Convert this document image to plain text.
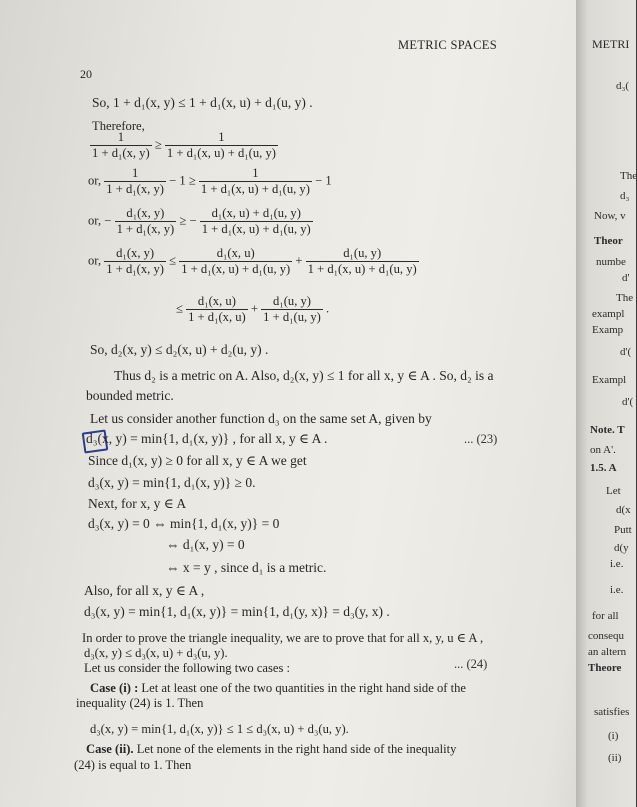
METRIC SPACES
20
So, 1 + d₁(x, y) ≤ 1 + d₁(x, u) + d₁(u, y) .
Therefore,
$\frac{1}{\text{1 + d₁(x, y)}} \ge \frac{1}{\text{1 + d₁(x, u) + d₁(u, y)}}$
or, $\frac{1}{\text{1 + d₁(x, y)}} - 1 \ge \frac{1}{\text{1 + d₁(x, u) + d₁(u, y)}} - 1$
or, − $\frac{\text{d₁(x, y)}}{\text{1 + d₁(x, y)}}$ ≥ − $\frac{\text{d₁(x, u) + d₁(u, y)}}{\text{1 + d₁(x, u) + d₁(u, y)}}$
or, $\frac{\text{d₁(x, y)}}{\text{1 + d₁(x, y)}} \le \frac{\text{d₁(x, u)}}{\text{1 + d₁(x, u) + d₁(u, y)}} + \frac{\text{d₁(u, y)}}{\text{1 + d₁(x, u) + d₁(u, y)}}$
≤ $\frac{\text{d₁(x, u)}}{\text{1 + d₁(x, u)}} + \frac{\text{d₁(u, y)}}{\text{1 + d₁(u, y)}}$ .
So, d₂(x, y) ≤ d₂(x, u) + d₂(u, y) .
Thus d₂ is a metric on A. Also, d₂(x, y) ≤ 1 for all x, y ∈ A . So, d₂ is a
bounded metric.
Let us consider another function d₃ on the same set A, given by
d₃(x, y) = min{1, d₁(x, y)} , for all x, y ∈ A .	... (23)
Since d₁(x, y) ≥ 0 for all x, y ∈ A we get
d₃(x, y) = min{1, d₁(x, y)} ≥ 0.
Next, for x, y ∈ A
d₃(x, y) = 0 ⇔ min{1, d₁(x, y)} = 0
⇔ d₁(x, y) = 0
⇔ x = y , since d₁ is a metric.
Also, for all x, y ∈ A ,
d₃(x, y) = min{1, d₁(x, y)} = min{1, d₁(y, x)} = d₃(y, x) .
In order to prove the triangle inequality, we are to prove that for all x, y, u ∈ A ,
d₃(x, y) ≤ d₃(x, u) + d₃(u, y).
... (24)
Let us consider the following two cases :
Case (i) : Let at least one of the two quantities in the right hand side of the
inequality (24) is 1. Then
d₃(x, y) = min{1, d₁(x, y)} ≤ 1 ≤ d₃(x, u) + d₃(u, y).
Case (ii). Let none of the elements in the right hand side of the inequality
(24) is equal to 1. Then
METRI
d₃(
The
d₃
Now, v
Theor
numbe
d'
The
exampl
Examp
d'(
Exampl
d'(
Note. T
on A'.
1.5. A
Let
d(x
Putt
d(y
i.e.
i.e.
for all
consequ
an altern
Theore
satisfies
(i)
(ii)
